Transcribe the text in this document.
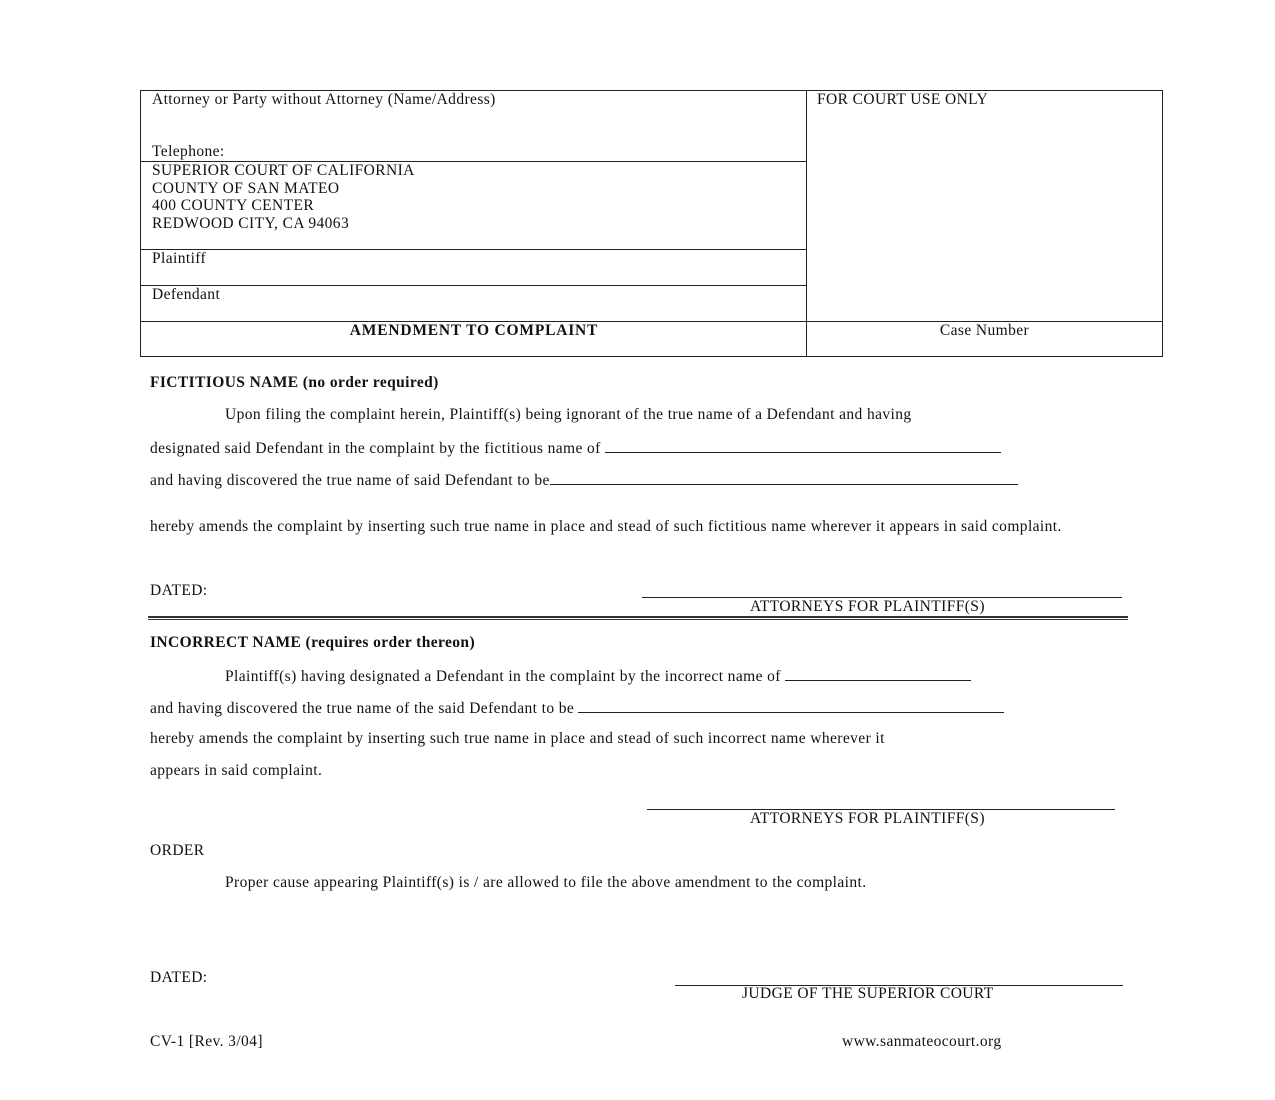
Attorney or Party without Attorney (Name/Address)
Telephone:
SUPERIOR COURT OF CALIFORNIA
COUNTY OF SAN MATEO
400 COUNTY CENTER
REDWOOD CITY, CA 94063
Plaintiff
Defendant
AMENDMENT TO COMPLAINT
FOR COURT USE ONLY
Case Number
FICTITIOUS NAME (no order required)
Upon filing the complaint herein, Plaintiff(s) being ignorant of the true name of a Defendant and having
designated said Defendant in the complaint by the fictitious name of
and having discovered the true name of said Defendant to be
hereby amends the complaint by inserting such true name in place and stead of such fictitious name wherever it appears in said complaint.
DATED:
ATTORNEYS FOR PLAINTIFF(S)
INCORRECT NAME (requires order thereon)
Plaintiff(s) having designated a Defendant in the complaint by the incorrect name of
and having discovered the true name of the said Defendant to be
hereby amends the complaint by inserting such true name in place and stead of such incorrect name wherever it
appears in said complaint.
ATTORNEYS FOR PLAINTIFF(S)
ORDER
Proper cause appearing Plaintiff(s) is / are allowed to file the above amendment to the complaint.
DATED:
JUDGE OF THE SUPERIOR COURT
CV-1 [Rev. 3/04]	www.sanmateocourt.org
